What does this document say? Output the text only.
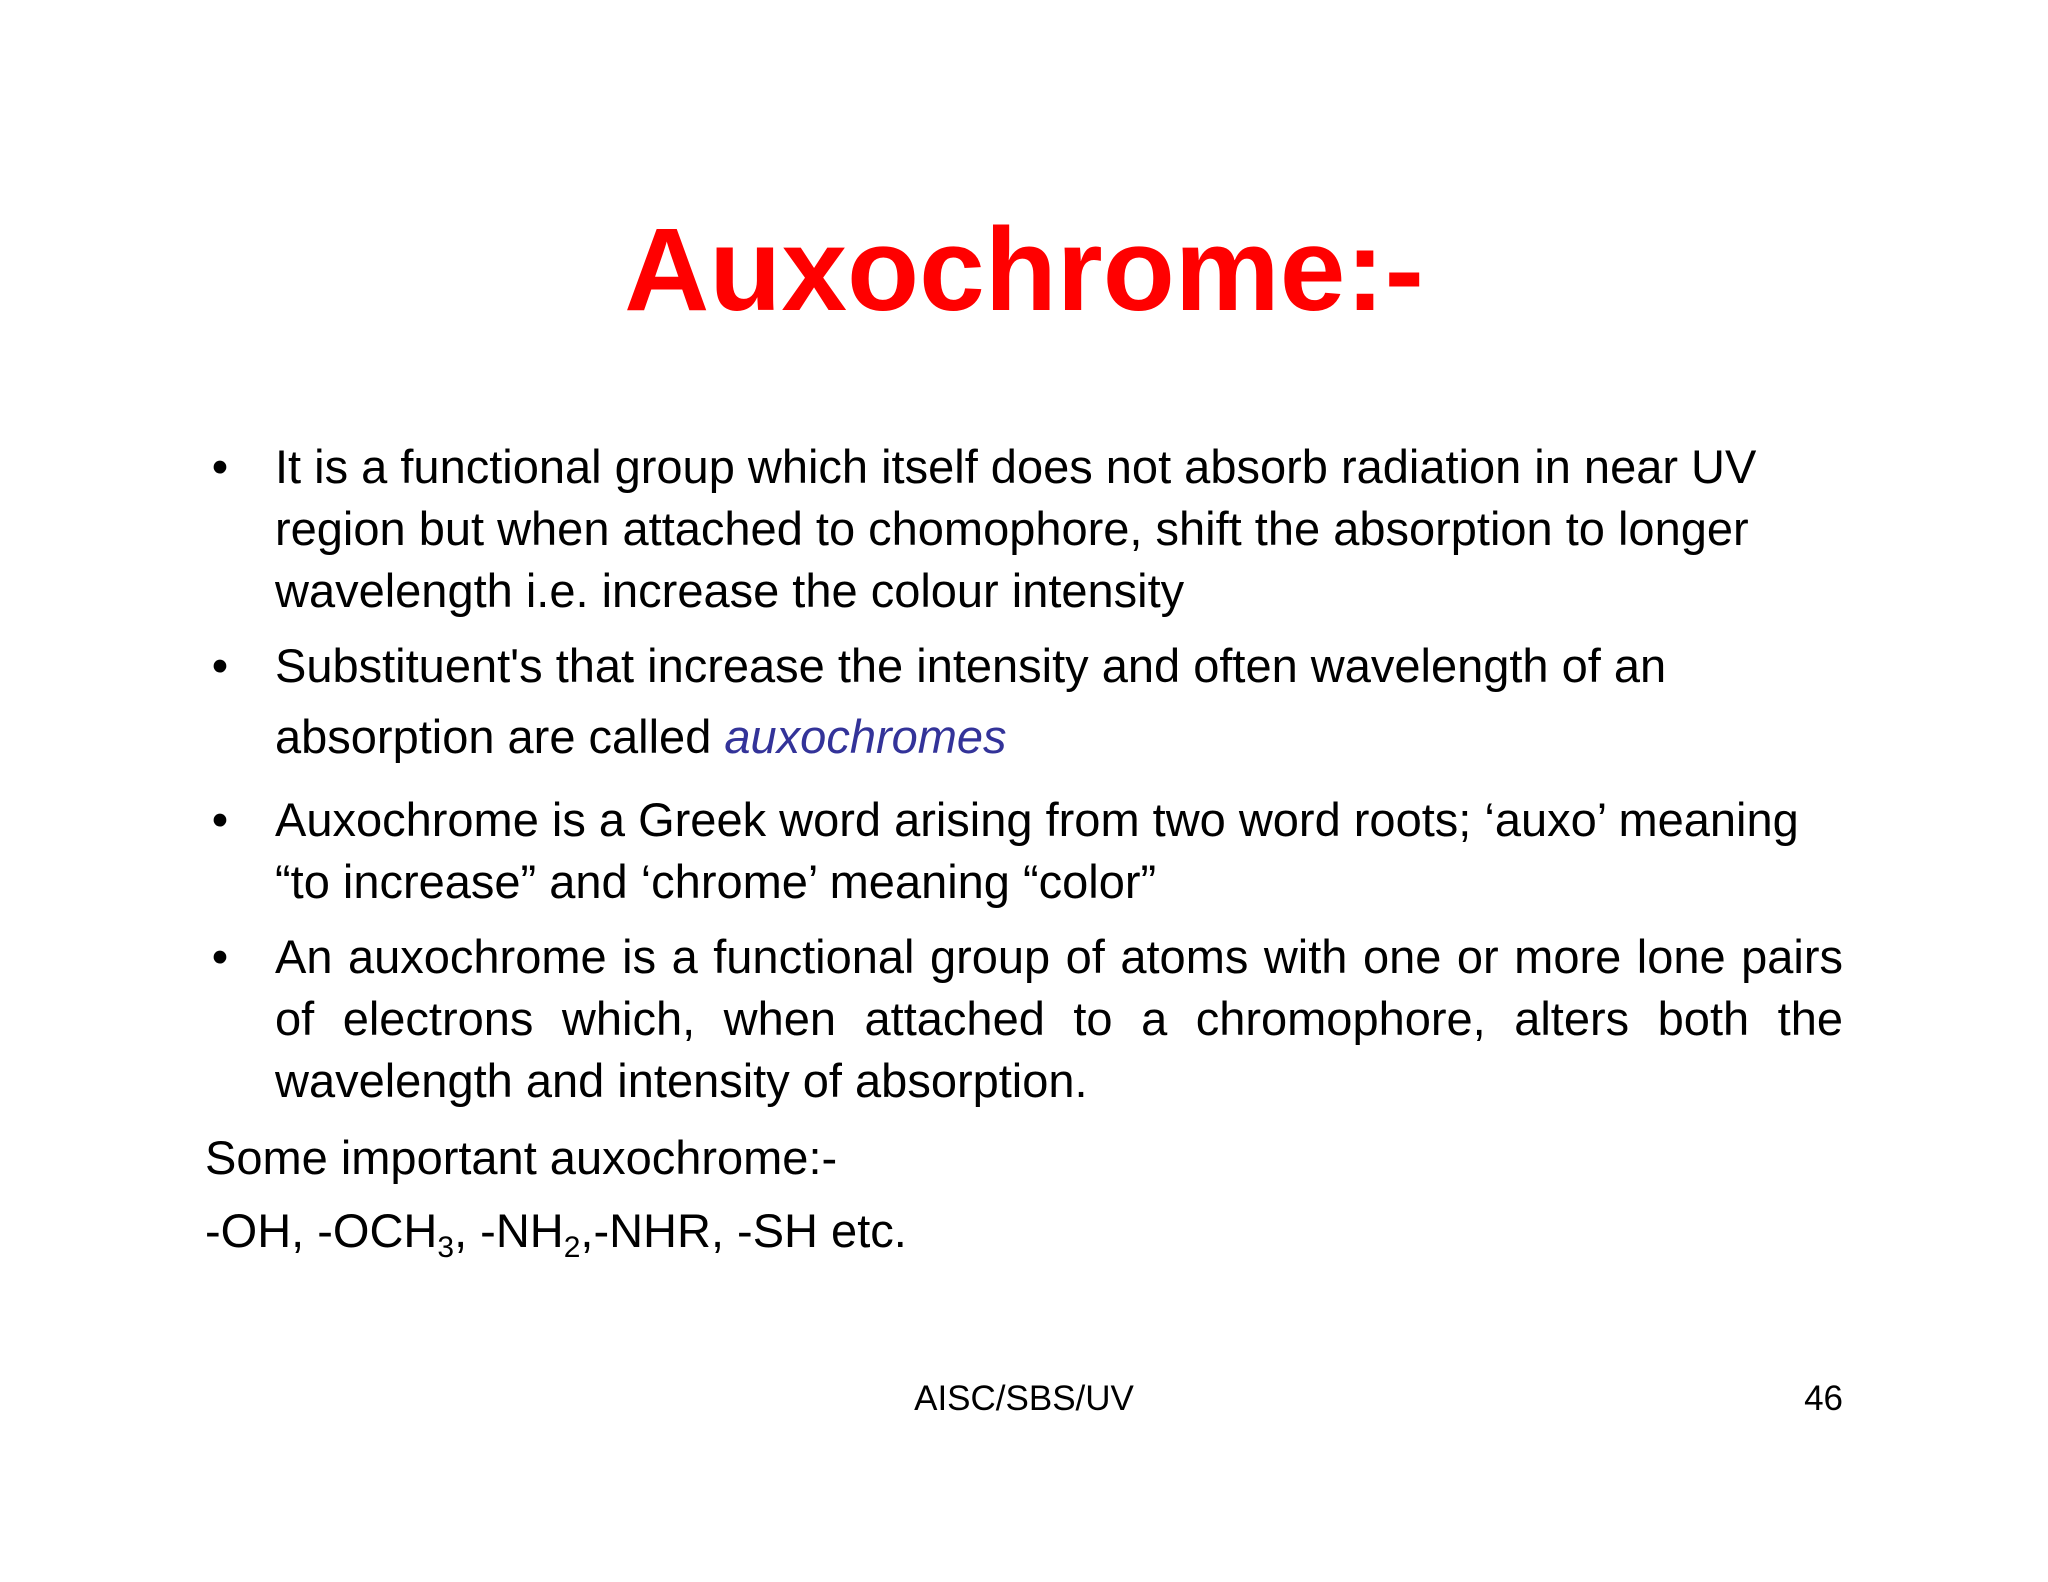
Auxochrome:-
• It is a functional group which itself does not absorb radiation in near UV region but when attached to chomophore, shift the absorption to longer wavelength i.e. increase the colour intensity
• Substituent's that increase the intensity and often wavelength of an
absorption are called auxochromes
• Auxochrome is a Greek word arising from two word roots; ‘auxo’ meaning “to increase” and ‘chrome’ meaning “color”
• An auxochrome is a functional group of atoms with one or more lone pairs of electrons which, when attached to a chromophore, alters both the wavelength and intensity of absorption.
Some important auxochrome:-
-OH, $-OCH_3$, $-NH_2$,-NHR, -SH etc.
AISC/SBS/UV	46
